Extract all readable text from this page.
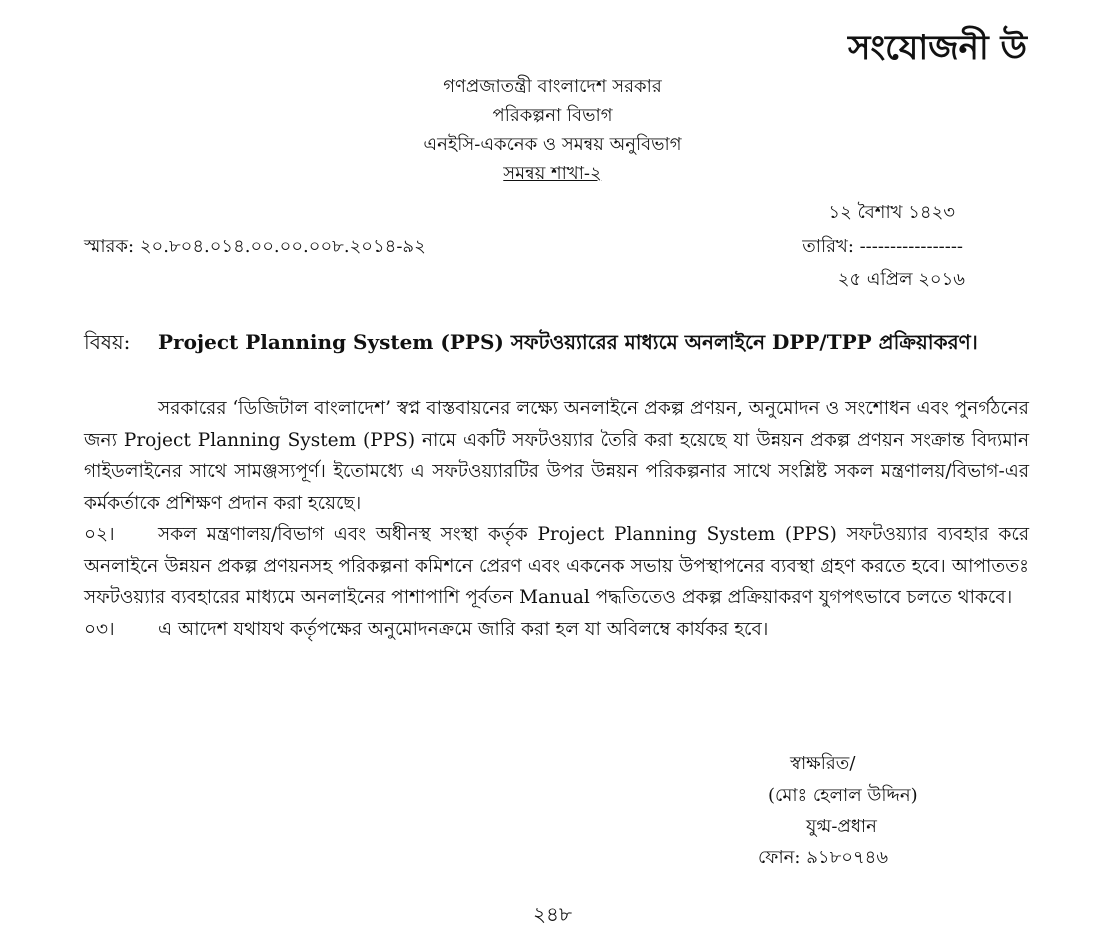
সংযোজনী উ
গণপ্রজাতন্ত্রী বাংলাদেশ সরকার
পরিকল্পনা বিভাগ
এনইসি-একনেক ও সমন্বয় অনুবিভাগ
সমন্বয় শাখা-২
১২ বৈশাখ ১৪২৩
তারিখ: -----------------
২৫ এপ্রিল ২০১৬
স্মারক: ২০.৮০৪.০১৪.০০.০০.০০৮.২০১৪-৯২
বিষয়: Project Planning System (PPS) সফটওয়্যারের মাধ্যমে অনলাইনে DPP/TPP প্রক্রিয়াকরণ।

সরকারের ‘ডিজিটাল বাংলাদেশ’ স্বপ্ন বাস্তবায়নের লক্ষ্যে অনলাইনে প্রকল্প প্রণয়ন, অনুমোদন ও সংশোধন এবং পুনর্গঠনের জন্য Project Planning System (PPS) নামে একটি সফটওয়্যার তৈরি করা হয়েছে যা উন্নয়ন প্রকল্প প্রণয়ন সংক্রান্ত বিদ্যমান গাইডলাইনের সাথে সামঞ্জস্যপূর্ণ। ইতোমধ্যে এ সফটওয়্যারটির উপর উন্নয়ন পরিকল্পনার সাথে সংশ্লিষ্ট সকল মন্ত্রণালয়/বিভাগ-এর কর্মকর্তাকে প্রশিক্ষণ প্রদান করা হয়েছে।

০২। সকল মন্ত্রণালয়/বিভাগ এবং অধীনস্থ সংস্থা কর্তৃক Project Planning System (PPS) সফটওয়্যার ব্যবহার করে অনলাইনে উন্নয়ন প্রকল্প প্রণয়নসহ পরিকল্পনা কমিশনে প্রেরণ এবং একনেক সভায় উপস্থাপনের ব্যবস্থা গ্রহণ করতে হবে। আপাততঃ সফটওয়্যার ব্যবহারের মাধ্যমে অনলাইনের পাশাপাশি পূর্বতন Manual পদ্ধতিতেও প্রকল্প প্রক্রিয়াকরণ যুগপৎভাবে চলতে থাকবে।

০৩। এ আদেশ যথাযথ কর্তৃপক্ষের অনুমোদনক্রমে জারি করা হল যা অবিলম্বে কার্যকর হবে।

স্বাক্ষরিত/
(মোঃ হেলাল উদ্দিন)
যুগ্ম-প্রধান
ফোন: ৯১৮০৭৪৬
২৪৮
